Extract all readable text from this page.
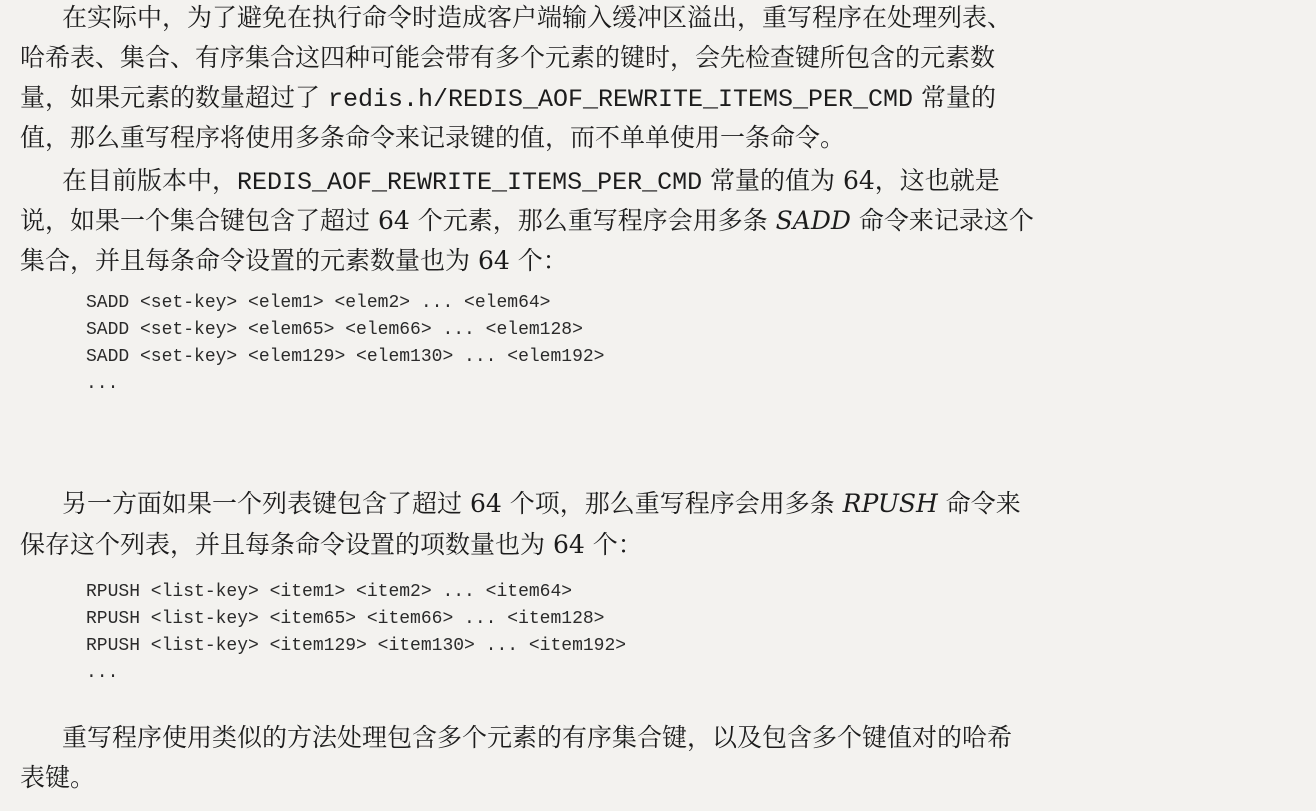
在实际中，为了避免在执行命令时造成客户端输入缓冲区溢出，重写程序在处理列表、

哈希表、集合、有序集合这四种可能会带有多个元素的键时，会先检查键所包含的元素数

量，如果元素的数量超过了 redis.h/REDIS_AOF_REWRITE_ITEMS_PER_CMD 常量的

值，那么重写程序将使用多条命令来记录键的值，而不单单使用一条命令。

在目前版本中，REDIS_AOF_REWRITE_ITEMS_PER_CMD 常量的值为 64，这也就是

说，如果一个集合键包含了超过 64 个元素，那么重写程序会用多条 SADD 命令来记录这个

集合，并且每条命令设置的元素数量也为 64 个：

SADD <set-key> <elem1> <elem2> ... <elem64>
SADD <set-key> <elem65> <elem66> ... <elem128>
SADD <set-key> <elem129> <elem130> ... <elem192>
...

另一方面如果一个列表键包含了超过 64 个项，那么重写程序会用多条 RPUSH 命令来

保存这个列表，并且每条命令设置的项数量也为 64 个：

RPUSH <list-key> <item1> <item2> ... <item64>
RPUSH <list-key> <item65> <item66> ... <item128>
RPUSH <list-key> <item129> <item130> ... <item192>
...

重写程序使用类似的方法处理包含多个元素的有序集合键，以及包含多个键值对的哈希

表键。
